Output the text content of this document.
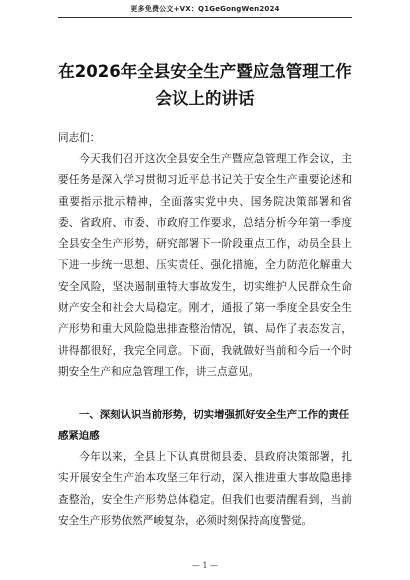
更多免费公文+VX：Q1GeGongWen2024
在2026年全县安全生产暨应急管理工作会议上的讲话
同志们：
今天我们召开这次全县安全生产暨应急管理工作会议，主要任务是深入学习贯彻习近平总书记关于安全生产重要论述和重要指示批示精神，全面落实党中央、国务院决策部署和省委、省政府、市委、市政府工作要求，总结分析今年第一季度全县安全生产形势，研究部署下一阶段重点工作，动员全县上下进一步统一思想、压实责任、强化措施，全力防范化解重大安全风险，坚决遏制重特大事故发生，切实维护人民群众生命财产安全和社会大局稳定。刚才，通报了第一季度全县安全生产形势和重大风险隐患排查整治情况，镇、局作了表态发言，讲得都很好，我完全同意。下面，我就做好当前和今后一个时期安全生产和应急管理工作，讲三点意见。
一、深刻认识当前形势，切实增强抓好安全生产工作的责任感紧迫感
今年以来，全县上下认真贯彻县委、县政府决策部署，扎实开展安全生产治本攻坚三年行动，深入推进重大事故隐患排查整治，安全生产形势总体稳定。但我们也要清醒看到，当前安全生产形势依然严峻复杂，必须时刻保持高度警觉。
— 1 —
